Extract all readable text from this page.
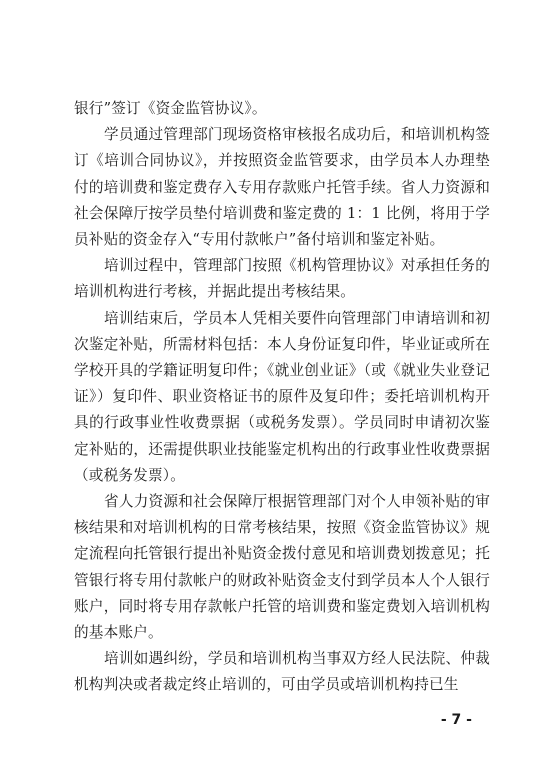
银行”签订《资金监管协议》。

学员通过管理部门现场资格审核报名成功后，和培训机构签订《培训合同协议》，并按照资金监管要求，由学员本人办理垫付的培训费和鉴定费存入专用存款账户托管手续。省人力资源和社会保障厅按学员垫付培训费和鉴定费的 1：1 比例，将用于学员补贴的资金存入“专用付款帐户”备付培训和鉴定补贴。

培训过程中，管理部门按照《机构管理协议》对承担任务的培训机构进行考核，并据此提出考核结果。

培训结束后，学员本人凭相关要件向管理部门申请培训和初次鉴定补贴，所需材料包括：本人身份证复印件，毕业证或所在学校开具的学籍证明复印件；《就业创业证》（或《就业失业登记证》）复印件、职业资格证书的原件及复印件；委托培训机构开具的行政事业性收费票据（或税务发票）。学员同时申请初次鉴定补贴的，还需提供职业技能鉴定机构出的行政事业性收费票据（或税务发票）。

省人力资源和社会保障厅根据管理部门对个人申领补贴的审核结果和对培训机构的日常考核结果，按照《资金监管协议》规定流程向托管银行提出补贴资金拨付意见和培训费划拨意见；托管银行将专用付款帐户的财政补贴资金支付到学员本人个人银行账户，同时将专用存款帐户托管的培训费和鉴定费划入培训机构的基本账户。

培训如遇纠纷，学员和培训机构当事双方经人民法院、仲裁机构判决或者裁定终止培训的，可由学员或培训机构持已生

- 7 -
